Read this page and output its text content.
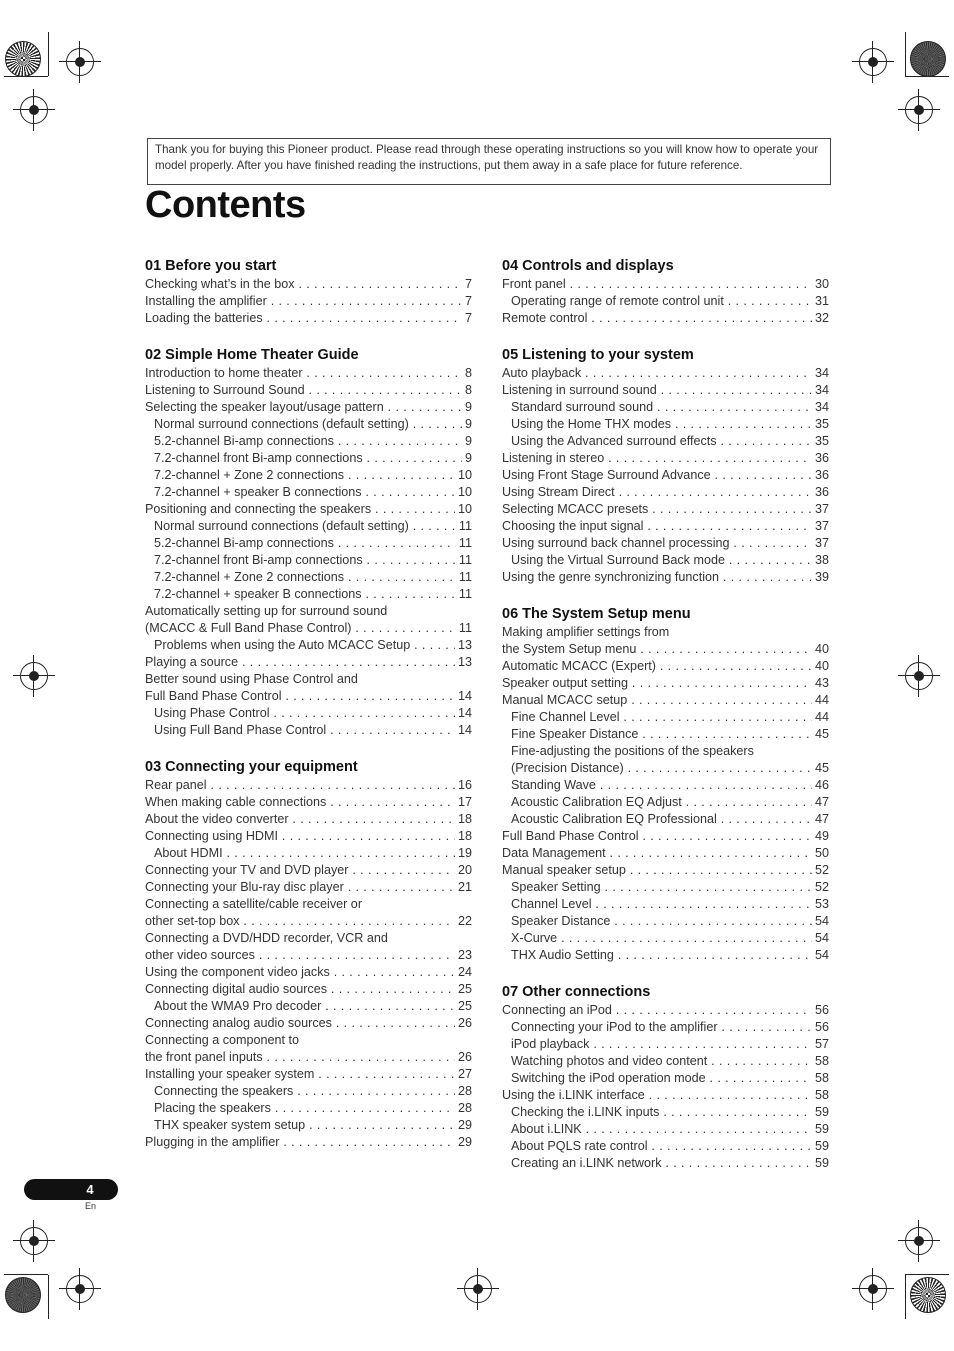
Thank you for buying this Pioneer product. Please read through these operating instructions so you will know how to operate your model properly. After you have finished reading the instructions, put them away in a safe place for future reference.
Contents
01 Before you start
Checking what’s in the box . . .	7
Installing the amplifier . . .	7
Loading the batteries . . .	7
02 Simple Home Theater Guide
Introduction to home theater . . .	8
Listening to Surround Sound . . .	8
Selecting the speaker layout/usage pattern . . .	9
Normal surround connections (default setting) . . .	9
5.2-channel Bi-amp connections . . .	9
7.2-channel front Bi-amp connections . . .	9
7.2-channel + Zone 2 connections . . .	10
7.2-channel + speaker B connections . . .	10
Positioning and connecting the speakers . . .	10
Normal surround connections (default setting) . . .	11
5.2-channel Bi-amp connections . . .	11
7.2-channel front Bi-amp connections . . .	11
7.2-channel + Zone 2 connections . . .	11
7.2-channel + speaker B connections . . .	11
Automatically setting up for surround sound
(MCACC & Full Band Phase Control) . . .	11
Problems when using the Auto MCACC Setup . . .	13
Playing a source . . .	13
Better sound using Phase Control and
Full Band Phase Control . . .	14
Using Phase Control . . .	14
Using Full Band Phase Control . . .	14
03 Connecting your equipment
Rear panel . . .	16
When making cable connections . . .	17
About the video converter . . .	18
Connecting using HDMI . . .	18
About HDMI . . .	19
Connecting your TV and DVD player . . .	20
Connecting your Blu-ray disc player . . .	21
Connecting a satellite/cable receiver or
other set-top box . . .	22
Connecting a DVD/HDD recorder, VCR and
other video sources . . .	23
Using the component video jacks . . .	24
Connecting digital audio sources . . .	25
About the WMA9 Pro decoder . . .	25
Connecting analog audio sources . . .	26
Connecting a component to
the front panel inputs . . .	26
Installing your speaker system . . .	27
Connecting the speakers . . .	28
Placing the speakers . . .	28
THX speaker system setup . . .	29
Plugging in the amplifier . . .	29
04 Controls and displays
Front panel . . .	30
Operating range of remote control unit . . .	31
Remote control . . .	32
05 Listening to your system
Auto playback . . .	34
Listening in surround sound . . .	34
Standard surround sound . . .	34
Using the Home THX modes . . .	35
Using the Advanced surround effects . . .	35
Listening in stereo . . .	36
Using Front Stage Surround Advance . . .	36
Using Stream Direct . . .	36
Selecting MCACC presets . . .	37
Choosing the input signal . . .	37
Using surround back channel processing . . .	37
Using the Virtual Surround Back mode . . .	38
Using the genre synchronizing function . . .	39
06 The System Setup menu
Making amplifier settings from
the System Setup menu . . .	40
Automatic MCACC (Expert) . . .	40
Speaker output setting . . .	43
Manual MCACC setup . . .	44
Fine Channel Level . . .	44
Fine Speaker Distance . . .	45
Fine-adjusting the positions of the speakers
(Precision Distance) . . .	45
Standing Wave . . .	46
Acoustic Calibration EQ Adjust . . .	47
Acoustic Calibration EQ Professional . . .	47
Full Band Phase Control . . .	49
Data Management . . .	50
Manual speaker setup . . .	52
Speaker Setting . . .	52
Channel Level . . .	53
Speaker Distance . . .	54
X-Curve . . .	54
THX Audio Setting . . .	54
07 Other connections
Connecting an iPod . . .	56
Connecting your iPod to the amplifier . . .	56
iPod playback . . .	57
Watching photos and video content . . .	58
Switching the iPod operation mode . . .	58
Using the i.LINK interface . . .	58
Checking the i.LINK inputs . . .	59
About i.LINK . . .	59
About PQLS rate control . . .	59
Creating an i.LINK network . . .	59
4
En
